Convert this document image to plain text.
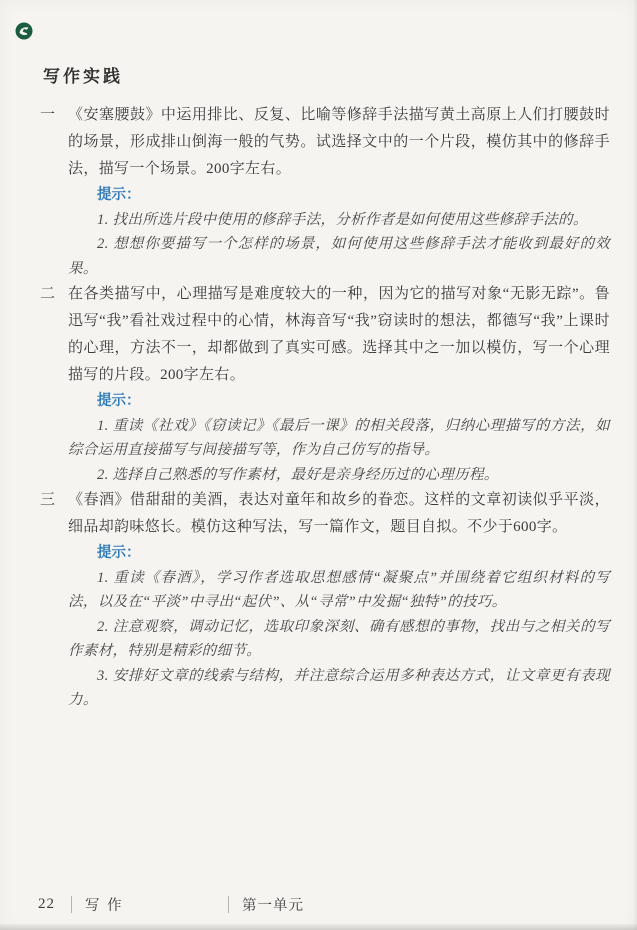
写作实践
一 《安塞腰鼓》中运用排比、反复、比喻等修辞手法描写黄土高原上人们打腰鼓时的场景，形成排山倒海一般的气势。试选择文中的一个片段，模仿其中的修辞手法，描写一个场景。200字左右。

提示：

1. 找出所选片段中使用的修辞手法，分析作者是如何使用这些修辞手法的。

2. 想想你要描写一个怎样的场景，如何使用这些修辞手法才能收到最好的效果。

二 在各类描写中，心理描写是难度较大的一种，因为它的描写对象“无影无踪”。鲁迅写“我”看社戏过程中的心情，林海音写“我”窃读时的想法，都德写“我”上课时的心理，方法不一，却都做到了真实可感。选择其中之一加以模仿，写一个心理描写的片段。200字左右。

提示：

1. 重读《社戏》《窃读记》《最后一课》的相关段落，归纳心理描写的方法，如综合运用直接描写与间接描写等，作为自己仿写的指导。

2. 选择自己熟悉的写作素材，最好是亲身经历过的心理历程。

三 《春酒》借甜甜的美酒，表达对童年和故乡的眷恋。这样的文章初读似乎平淡，细品却韵味悠长。模仿这种写法，写一篇作文，题目自拟。不少于600字。

提示：

1. 重读《春酒》，学习作者选取思想感情“凝聚点”并围绕着它组织材料的写法，以及在“平淡”中寻出“起伏”、从“寻常”中发掘“独特”的技巧。

2. 注意观察，调动记忆，选取印象深刻、确有感想的事物，找出与之相关的写作素材，特别是精彩的细节。

3. 安排好文章的线索与结构，并注意综合运用多种表达方式，让文章更有表现力。

22	写 作	第一单元
